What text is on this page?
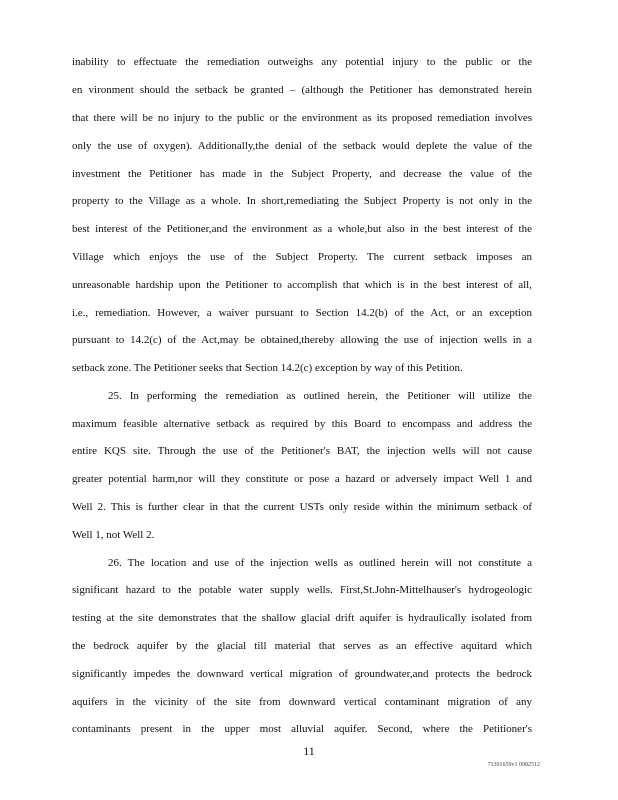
inability to effectuate the remediation outweighs any potential injury to the public or the
en vironment should the setback be granted – (although the Petitioner has demonstrated herein
that there will be no injury to the public or the environment as its proposed remediation involves
only the use of oxygen). Additionally,the denial of the setback would deplete the value of the
investment the Petitioner has made in the Subject Property, and decrease the value of the
property to the Village as a whole. In short,remediating the Subject Property is not only in the
best interest of the Petitioner,and the environment as a whole,but also in the best interest of the
Village which enjoys the use of the Subject Property. The current setback imposes an
unreasonable hardship upon the Petitioner to accomplish that which is in the best interest of all,
i.e., remediation. However, a waiver pursuant to Section 14.2(b) of the Act, or an exception
pursuant to 14.2(c) of the Act,may be obtained,thereby allowing the use of injection wells in a
setback zone. The Petitioner seeks that Section 14.2(c) exception by way of this Petition.
25. In performing the remediation as outlined herein, the Petitioner will utilize the
maximum feasible alternative setback as required by this Board to encompass and address the
entire KQS site. Through the use of the Petitioner's BAT, the injection wells will not cause
greater potential harm,nor will they constitute or pose a hazard or adversely impact Well 1 and
Well 2. This is further clear in that the current USTs only reside within the minimum setback of
Well 1, not Well 2.
26. The location and use of the injection wells as outlined herein will not constitute a
significant hazard to the potable water supply wells. First,St.John-Mittelhauser's hydrogeologic
testing at the site demonstrates that the shallow glacial drift aquifer is hydraulically isolated from
the bedrock aquifer by the glacial till material that serves as an effective aquitard which
significantly impedes the downward vertical migration of groundwater,and protects the bedrock
aquifers in the vicinity of the site from downward vertical contaminant migration of any
contaminants present in the upper most alluvial aquifer. Second, where the Petitioner's
11
71301659v1 0982512
